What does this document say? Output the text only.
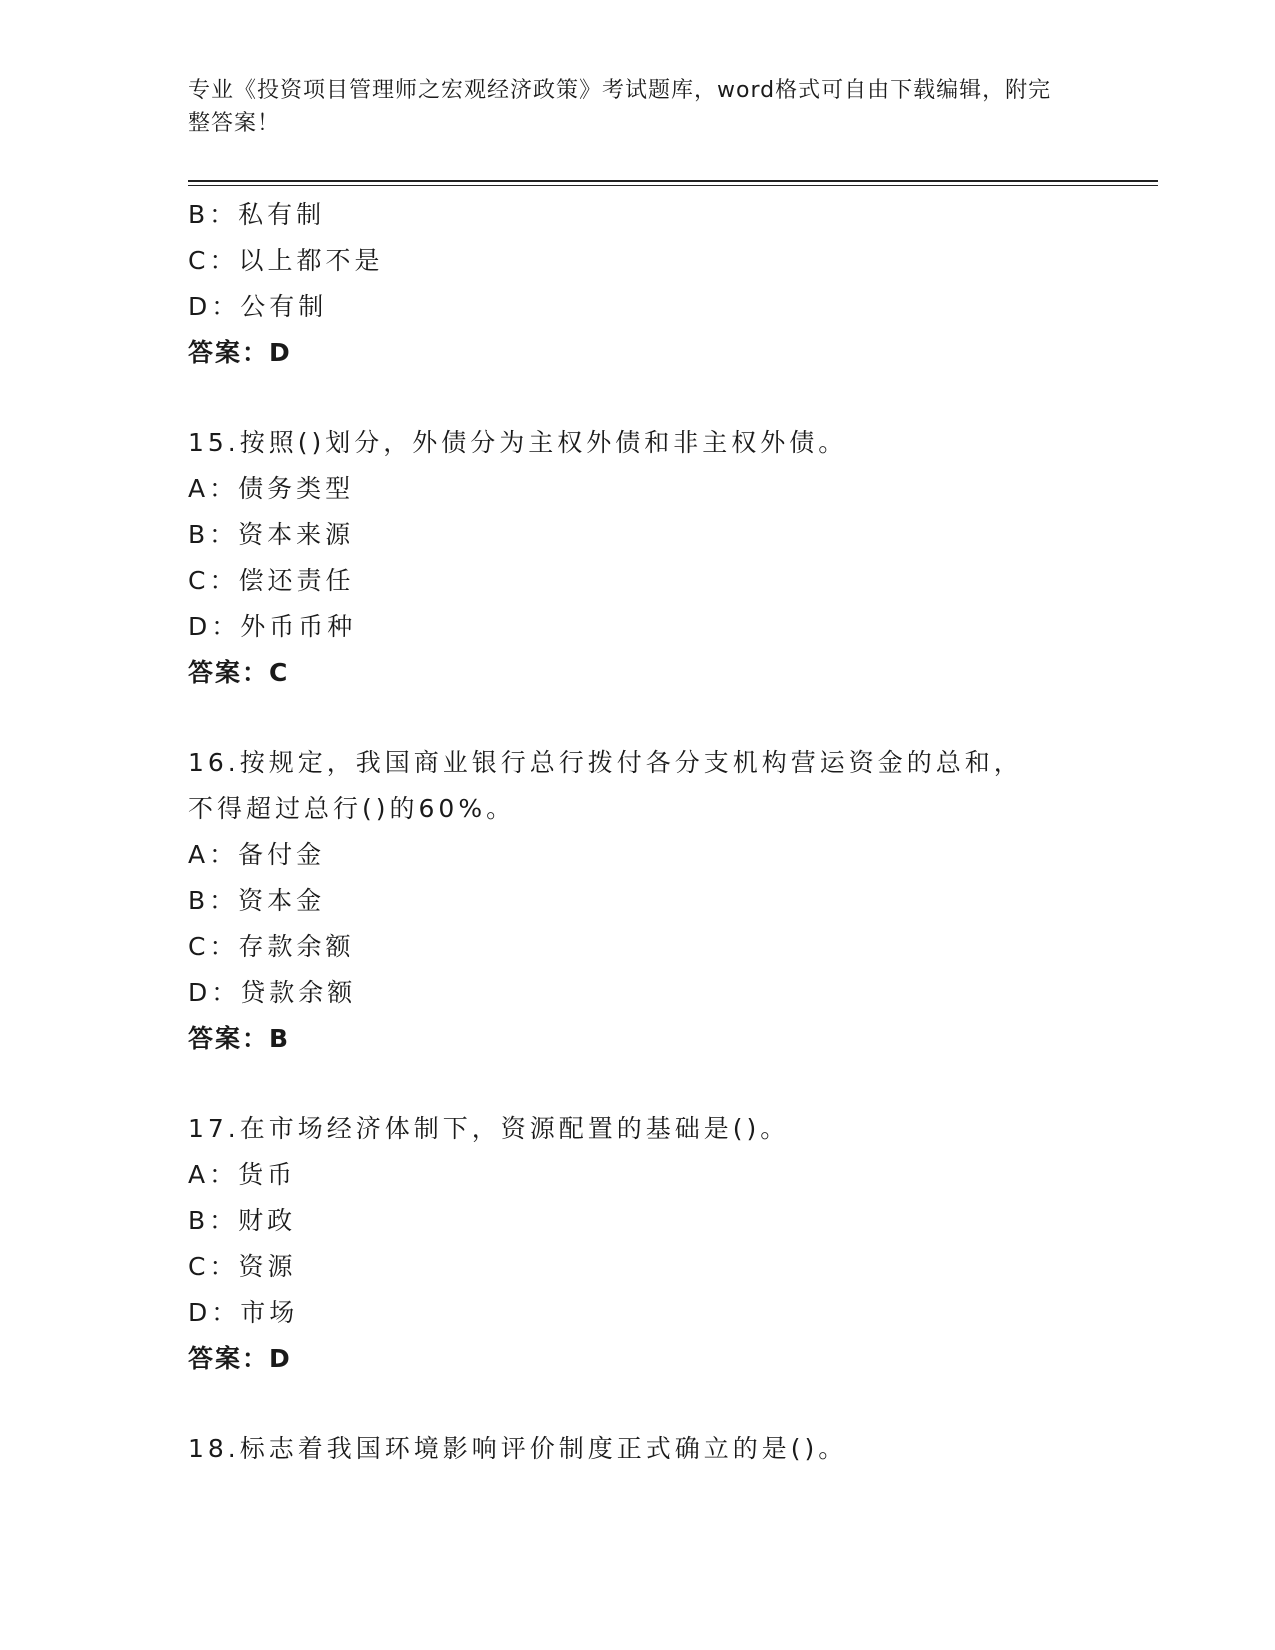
专业《投资项目管理师之宏观经济政策》考试题库，word格式可自由下载编辑，附完整答案！
B：私有制
C：以上都不是
D：公有制
答案：D
15.按照()划分，外债分为主权外债和非主权外债。
A：债务类型
B：资本来源
C：偿还责任
D：外币币种
答案：C
16.按规定，我国商业银行总行拨付各分支机构营运资金的总和，不得超过总行()的60%。
A：备付金
B：资本金
C：存款余额
D：贷款余额
答案：B
17.在市场经济体制下，资源配置的基础是()。
A：货币
B：财政
C：资源
D：市场
答案：D
18.标志着我国环境影响评价制度正式确立的是()。
